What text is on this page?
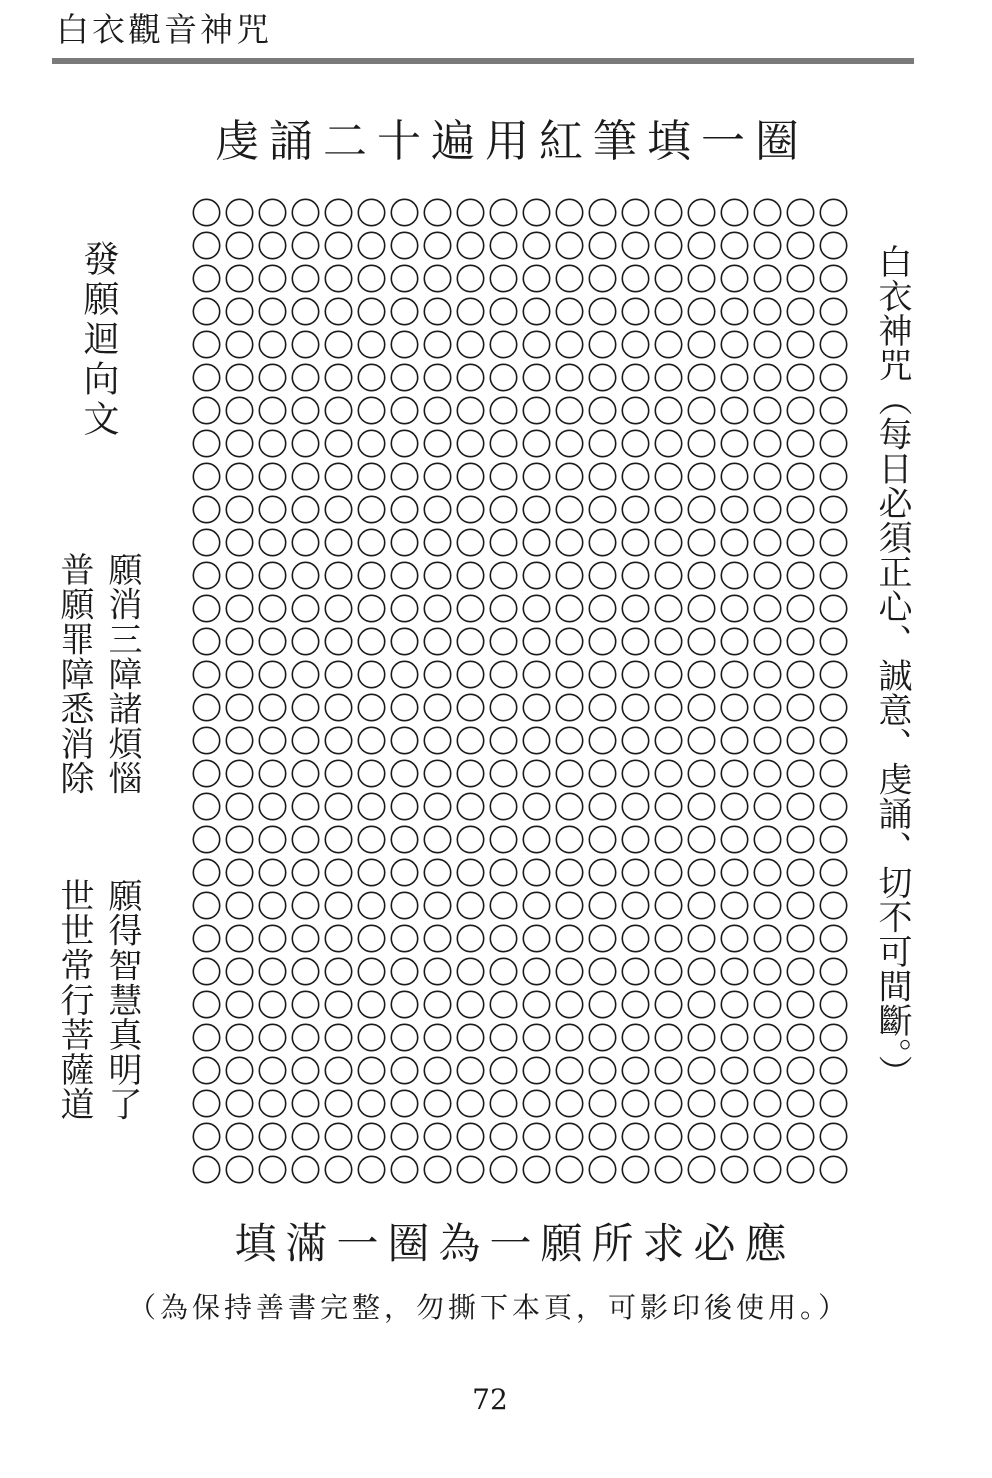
白衣觀音神咒
虔誦二十遍用紅筆填一圈
發願迴向文
願消三障諸煩惱
普願罪障悉消除
願得智慧真明了
世世常行菩薩道	白衣神咒︵每日必須正心、誠意、虔誦、切不可間斷。︶
填滿一圈為一願所求必應
（為保持善書完整，勿撕下本頁，可影印後使用。）
72
